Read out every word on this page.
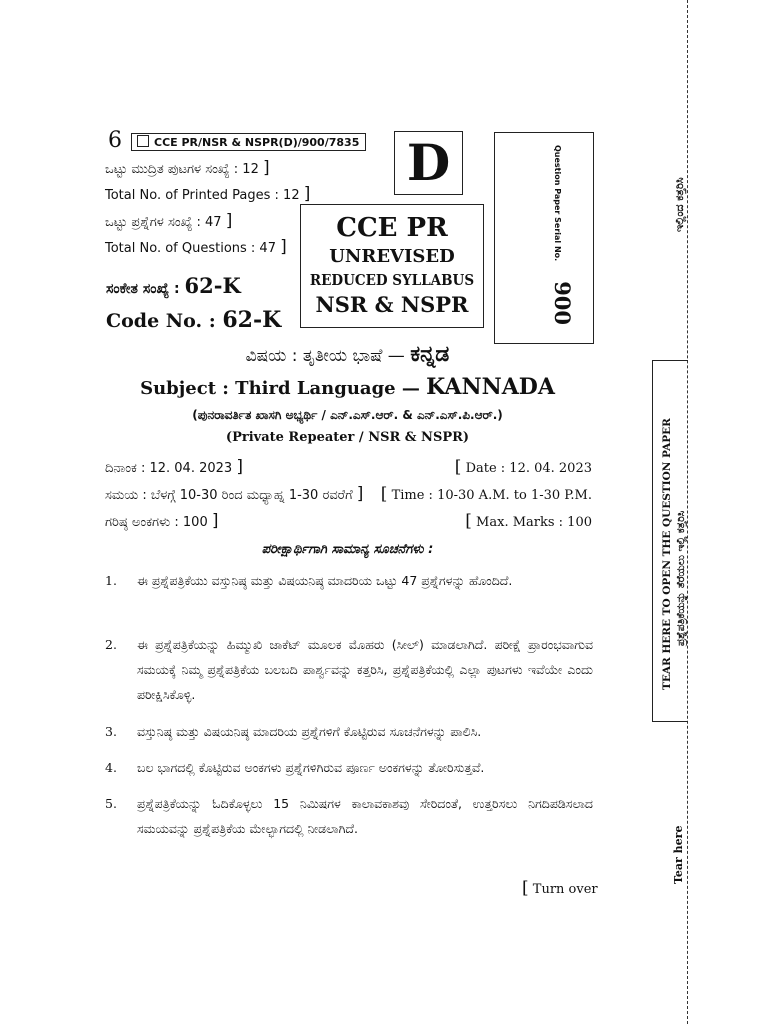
6	CCE PR/NSR & NSPR(D)/900/7835
ಒಟ್ಟು ಮುದ್ರಿತ ಪುಟಗಳ ಸಂಖ್ಯೆ : 12 ]
Total No. of Printed Pages : 12 ]
ಒಟ್ಟು ಪ್ರಶ್ನೆಗಳ ಸಂಖ್ಯೆ : 47 ]
Total No. of Questions : 47 ]
D
CCE PR
UNREVISED
REDUCED SYLLABUS
NSR & NSPR
Question Paper Serial No.900
ಸಂಕೇತ ಸಂಖ್ಯೆ : 62-K
Code No. : 62-K
ವಿಷಯ : ತೃತೀಯ ಭಾಷೆ — ಕನ್ನಡ
Subject : Third Language — KANNADA
(ಪುನರಾವರ್ತಿತ ಖಾಸಗಿ ಅಭ್ಯರ್ಥಿ / ಎನ್.ಎಸ್.ಆರ್. & ಎನ್.ಎಸ್.ಪಿ.ಆರ್.)
(Private Repeater / NSR & NSPR)
ದಿನಾಂಕ : 12. 04. 2023 ]	[ Date : 12. 04. 2023
ಸಮಯ : ಬೆಳಗ್ಗೆ 10-30 ರಿಂದ ಮಧ್ಯಾಹ್ನ 1-30 ರವರೆಗೆ ] [ Time : 10-30 A.M. to 1-30 P.M.
ಗರಿಷ್ಠ ಅಂಕಗಳು : 100 ]	[ Max. Marks : 100
ಪರೀಕ್ಷಾರ್ಥಿಗಾಗಿ ಸಾಮಾನ್ಯ ಸೂಚನೆಗಳು :
1. ಈ ಪ್ರಶ್ನೆಪತ್ರಿಕೆಯು ವಸ್ತುನಿಷ್ಠ ಮತ್ತು ವಿಷಯನಿಷ್ಠ ಮಾದರಿಯ ಒಟ್ಟು 47 ಪ್ರಶ್ನೆಗಳನ್ನು ಹೊಂದಿದೆ.
2. ಈ ಪ್ರಶ್ನೆಪತ್ರಿಕೆಯನ್ನು ಹಿಮ್ಮುಖಿ ಜಾಕೆಟ್ ಮೂಲಕ ಮೊಹರು (ಸೀಲ್) ಮಾಡಲಾಗಿದೆ. ಪರೀಕ್ಷೆ ಪ್ರಾರಂಭವಾಗುವ ಸಮಯಕ್ಕೆ ನಿಮ್ಮ ಪ್ರಶ್ನೆಪತ್ರಿಕೆಯ ಬಲಬದಿ ಪಾರ್ಶ್ವವನ್ನು ಕತ್ತರಿಸಿ, ಪ್ರಶ್ನೆಪತ್ರಿಕೆಯಲ್ಲಿ ಎಲ್ಲಾ ಪುಟಗಳು ಇವೆಯೇ ಎಂದು ಪರೀಕ್ಷಿಸಿಕೊಳ್ಳಿ.
3. ವಸ್ತುನಿಷ್ಠ ಮತ್ತು ವಿಷಯನಿಷ್ಠ ಮಾದರಿಯ ಪ್ರಶ್ನೆಗಳಿಗೆ ಕೊಟ್ಟಿರುವ ಸೂಚನೆಗಳನ್ನು ಪಾಲಿಸಿ.
4. ಬಲ ಭಾಗದಲ್ಲಿ ಕೊಟ್ಟಿರುವ ಅಂಕಗಳು ಪ್ರಶ್ನೆಗಳಿಗಿರುವ ಪೂರ್ಣ ಅಂಕಗಳನ್ನು ತೋರಿಸುತ್ತವೆ.
5. ಪ್ರಶ್ನೆಪತ್ರಿಕೆಯನ್ನು ಓದಿಕೊಳ್ಳಲು 15 ನಿಮಿಷಗಳ ಕಾಲಾವಕಾಶವು ಸೇರಿದಂತೆ, ಉತ್ತರಿಸಲು ನಿಗದಿಪಡಿಸಲಾದ ಸಮಯವನ್ನು ಪ್ರಶ್ನೆಪತ್ರಿಕೆಯ ಮೇಲ್ಭಾಗದಲ್ಲಿ ನೀಡಲಾಗಿದೆ.
[ Turn over
TEAR HERE TO OPEN THE QUESTION PAPER ಪ್ರಶ್ನೆಪತ್ರಿಕೆಯನ್ನು ತೆರೆಯಲು ಇಲ್ಲಿ ಕತ್ತರಿಸಿ
ಇಲ್ಲಿಂದ ಕತ್ತರಿಸಿ
Tear here
